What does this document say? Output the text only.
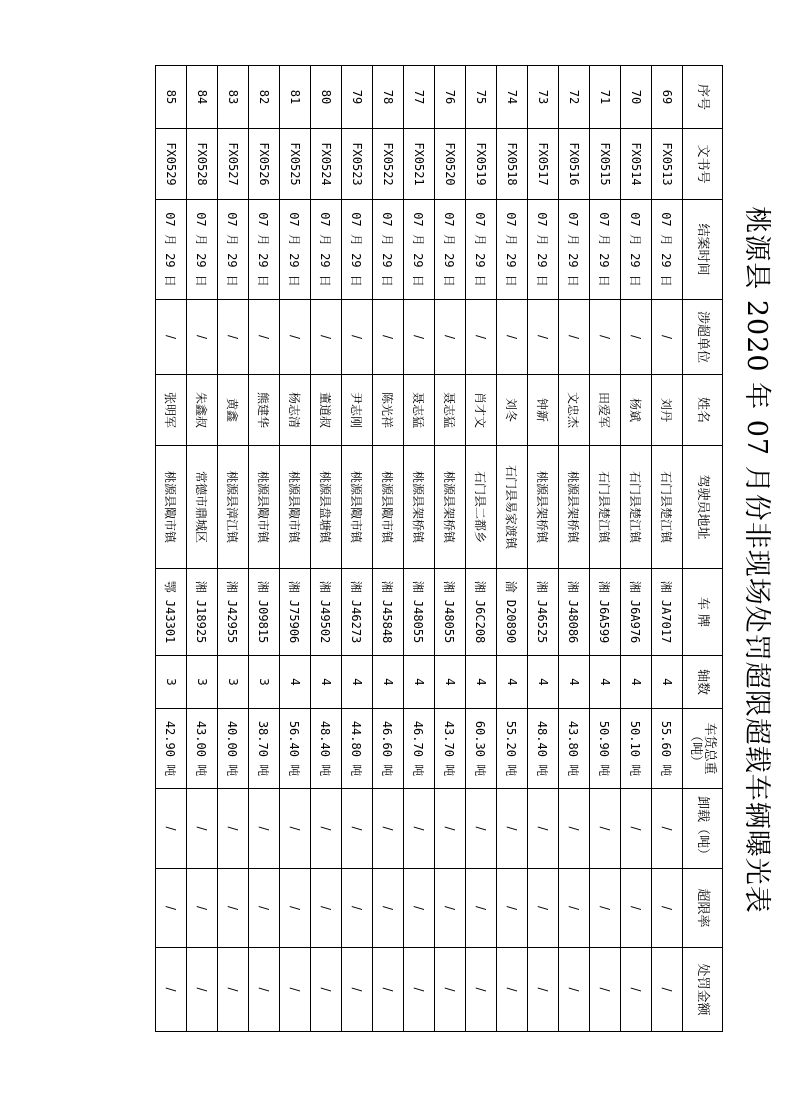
桃源县 2020 年 07 月份非现场处罚超限超载车辆曝光表
序号	文书号	结案时间	涉超单位	姓名	驾驶员地址	车 牌	轴数	车货总重（吨）	卸载（吨）	超限率	处罚金额
69	FX0513	07 月 29 日	/	刘丹	石门县楚江镇	湘 JA7017	4	55.60 吨	/	/	/
70	FX0514	07 月 29 日	/	杨斌	石门县楚江镇	湘 J6A976	4	50.10 吨	/	/	/
71	FX0515	07 月 29 日	/	田爱军	石门县楚江镇	湘 J6A599	4	50.90 吨	/	/	/
72	FX0516	07 月 29 日	/	文忠杰	桃源县架桥镇	湘 J48086	4	43.80 吨	/	/	/
73	FX0517	07 月 29 日	/	钟新	桃源县架桥镇	湘 J46525	4	48.40 吨	/	/	/
74	FX0518	07 月 29 日	/	刘冬	石门县易家渡镇	渝 D20890	4	55.20 吨	/	/	/
75	FX0519	07 月 29 日	/	肖才文	石门县二都乡	湘 J6C208	4	60.30 吨	/	/	/
76	FX0520	07 月 29 日	/	聂志猛	桃源县架桥镇	湘 J48055	4	43.70 吨	/	/	/
77	FX0521	07 月 29 日	/	聂志猛	桃源县架桥镇	湘 J48055	4	46.70 吨	/	/	/
78	FX0522	07 月 29 日	/	陈光祥	桃源县陬市镇	湘 J45848	4	46.60 吨	/	/	/
79	FX0523	07 月 29 日	/	尹志刚	桃源县陬市镇	湘 J46273	4	44.80 吨	/	/	/
80	FX0524	07 月 29 日	/	董道叔	桃源县盘塘镇	湘 J49502	4	48.40 吨	/	/	/
81	FX0525	07 月 29 日	/	杨志清	桃源县陬市镇	湘 J75906	4	56.40 吨	/	/	/
82	FX0526	07 月 29 日	/	熊建华	桃源县陬市镇	湘 J09815	3	38.70 吨	/	/	/
83	FX0527	07 月 29 日	/	黄鑫	桃源县漳江镇	湘 J42955	3	40.00 吨	/	/	/
84	FX0528	07 月 29 日	/	朱鑫叔	常德市鼎城区	湘 J18925	3	43.00 吨	/	/	/
85	FX0529	07 月 29 日	/	张明军	桃源县陬市镇	鄂 J43301	3	42.90 吨	/	/	/
